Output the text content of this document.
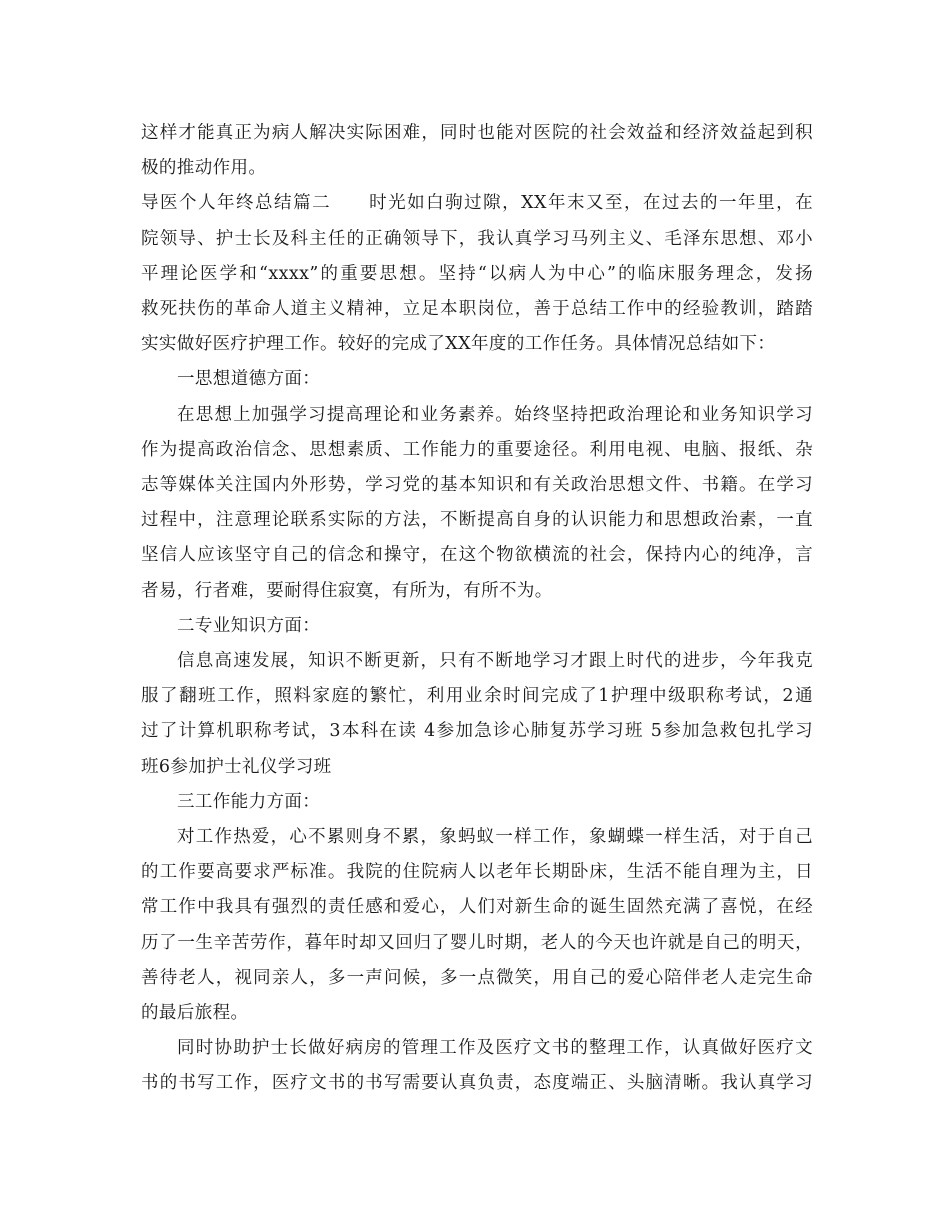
这样才能真正为病人解决实际困难，同时也能对医院的社会效益和经济效益起到积
极的推动作用。
导医个人年终总结篇二　　时光如白驹过隙，XX年末又至，在过去的一年里，在
院领导、护士长及科主任的正确领导下，我认真学习马列主义、毛泽东思想、邓小
平理论医学和“xxxx”的重要思想。坚持“以病人为中心”的临床服务理念，发扬
救死扶伤的革命人道主义精神，立足本职岗位，善于总结工作中的经验教训，踏踏
实实做好医疗护理工作。较好的完成了XX年度的工作任务。具体情况总结如下：
一思想道德方面：
在思想上加强学习提高理论和业务素养。始终坚持把政治理论和业务知识学习
作为提高政治信念、思想素质、工作能力的重要途径。利用电视、电脑、报纸、杂
志等媒体关注国内外形势，学习党的基本知识和有关政治思想文件、书籍。在学习
过程中，注意理论联系实际的方法，不断提高自身的认识能力和思想政治素，一直
坚信人应该坚守自己的信念和操守，在这个物欲横流的社会，保持内心的纯净，言
者易，行者难，要耐得住寂寞，有所为，有所不为。
二专业知识方面：
信息高速发展，知识不断更新，只有不断地学习才跟上时代的进步，今年我克
服了翻班工作，照料家庭的繁忙，利用业余时间完成了1护理中级职称考试，2通
过了计算机职称考试，3本科在读 4参加急诊心肺复苏学习班 5参加急救包扎学习
班6参加护士礼仪学习班
三工作能力方面：
对工作热爱，心不累则身不累，象蚂蚁一样工作，象蝴蝶一样生活，对于自己
的工作要高要求严标准。我院的住院病人以老年长期卧床，生活不能自理为主，日
常工作中我具有强烈的责任感和爱心，人们对新生命的诞生固然充满了喜悦，在经
历了一生辛苦劳作，暮年时却又回归了婴儿时期，老人的今天也许就是自己的明天，
善待老人，视同亲人，多一声问候，多一点微笑，用自己的爱心陪伴老人走完生命
的最后旅程。
同时协助护士长做好病房的管理工作及医疗文书的整理工作，认真做好医疗文
书的书写工作，医疗文书的书写需要认真负责，态度端正、头脑清晰。我认真学习
